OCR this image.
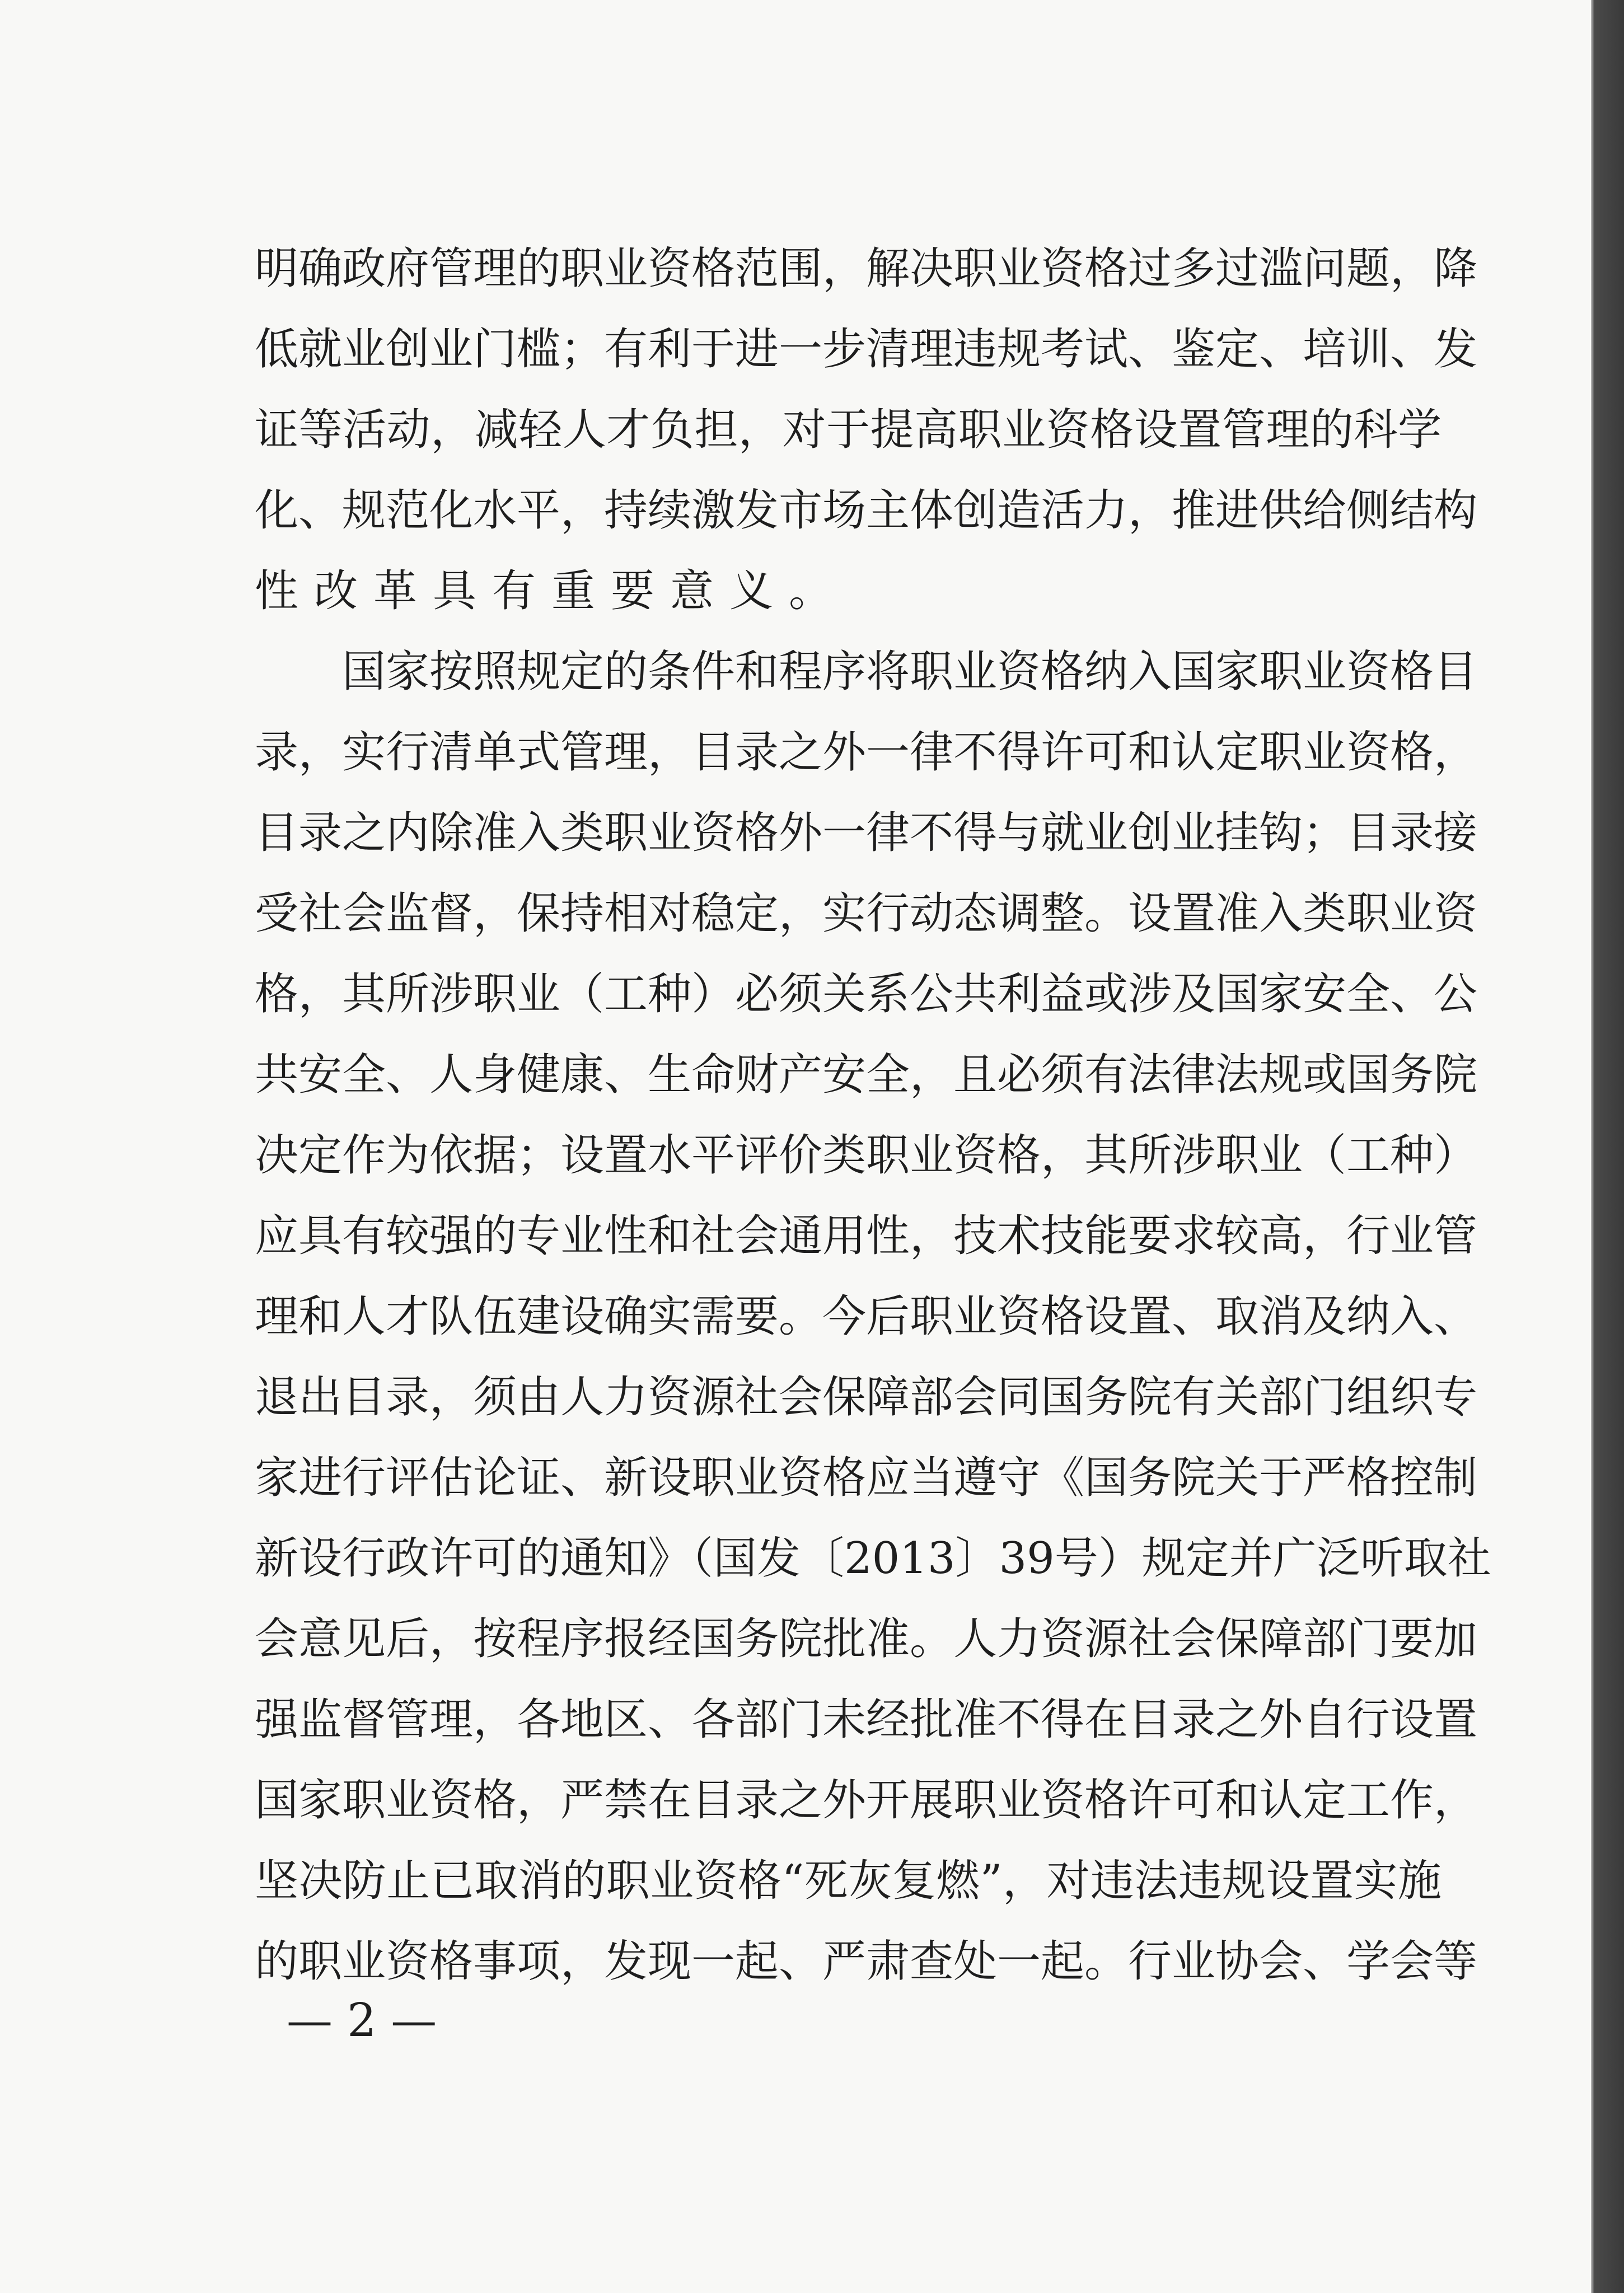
明确政府管理的职业资格范围，解决职业资格过多过滥问题，降
低就业创业门槛；有利于进一步清理违规考试、鉴定、培训、发
证等活动，减轻人才负担，对于提高职业资格设置管理的科学
化、规范化水平，持续激发市场主体创造活力，推进供给侧结构
性改革具有重要意义。
　　国家按照规定的条件和程序将职业资格纳入国家职业资格目
录，实行清单式管理，目录之外一律不得许可和认定职业资格，
目录之内除准入类职业资格外一律不得与就业创业挂钩；目录接
受社会监督，保持相对稳定，实行动态调整。设置准入类职业资
格，其所涉职业（工种）必须关系公共利益或涉及国家安全、公
共安全、人身健康、生命财产安全，且必须有法律法规或国务院
决定作为依据；设置水平评价类职业资格，其所涉职业（工种）
应具有较强的专业性和社会通用性，技术技能要求较高，行业管
理和人才队伍建设确实需要。今后职业资格设置、取消及纳入、
退出目录，须由人力资源社会保障部会同国务院有关部门组织专
家进行评估论证、新设职业资格应当遵守《国务院关于严格控制
新设行政许可的通知》（国发〔2013〕39号）规定并广泛听取社
会意见后，按程序报经国务院批准。人力资源社会保障部门要加
强监督管理，各地区、各部门未经批准不得在目录之外自行设置
国家职业资格，严禁在目录之外开展职业资格许可和认定工作，
坚决防止已取消的职业资格“死灰复燃”，对违法违规设置实施
的职业资格事项，发现一起、严肃查处一起。行业协会、学会等
— 2 —
